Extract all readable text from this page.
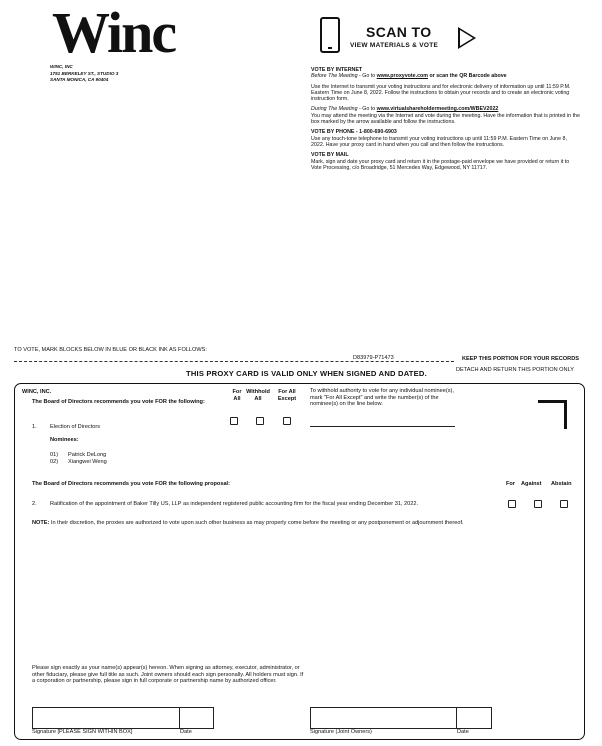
Winc
WINC, INC
1751 BERKELEY ST., STUDIO 3
SANTA MONICA, CA 90404
SCAN TO
VIEW MATERIALS & VOTE
VOTE BY INTERNET

Before The Meeting - Go to www.proxyvote.com or scan the QR Barcode above

Use the Internet to transmit your voting instructions and for electronic delivery of information up until 11:59 P.M. Eastern Time on June 8, 2022. Follow the instructions to obtain your records and to create an electronic voting instruction form.

During The Meeting - Go to www.virtualshareholdermeeting.com/WBEV2022

You may attend the meeting via the Internet and vote during the meeting. Have the information that is printed in the box marked by the arrow available and follow the instructions.

VOTE BY PHONE - 1-800-690-6903

Use any touch-tone telephone to transmit your voting instructions up until 11:59 P.M. Eastern Time on June 8, 2022. Have your proxy card in hand when you call and then follow the instructions.

VOTE BY MAIL

Mark, sign and date your proxy card and return it in the postage-paid envelope we have provided or return it to Vote Processing, c/o Broadridge, 51 Mercedes Way, Edgewood, NY 11717.

TO VOTE, MARK BLOCKS BELOW IN BLUE OR BLACK INK AS FOLLOWS:
D83979-P71473	KEEP THIS PORTION FOR YOUR RECORDS
DETACH AND RETURN THIS PORTION ONLY
THIS PROXY CARD IS VALID ONLY WHEN SIGNED AND DATED.
WINC, INC.
The Board of Directors recommends you vote FOR the following:
For All
Withhold All
For All Except
To withhold authority to vote for any individual nominee(s), mark "For All Except" and write the number(s) of the nominee(s) on the line below.
1. Election of Directors
Nominees:
01) Patrick DeLong
02) Xiangwei Weng
The Board of Directors recommends you vote FOR the following proposal:	For Against Abstain
2. Ratification of the appointment of Baker Tilly US, LLP as independent registered public accounting firm for the fiscal year ending December 31, 2022.
NOTE: In their discretion, the proxies are authorized to vote upon such other business as may properly come before the meeting or any postponement or adjournment thereof.
Please sign exactly as your name(s) appear(s) hereon. When signing as attorney, executor, administrator, or other fiduciary, please give full title as such. Joint owners should each sign personally. All holders must sign. If a corporation or partnership, please sign in full corporate or partnership name by authorized officer.
Signature [PLEASE SIGN WITHIN BOX]	Date	Signature (Joint Owners)	Date
